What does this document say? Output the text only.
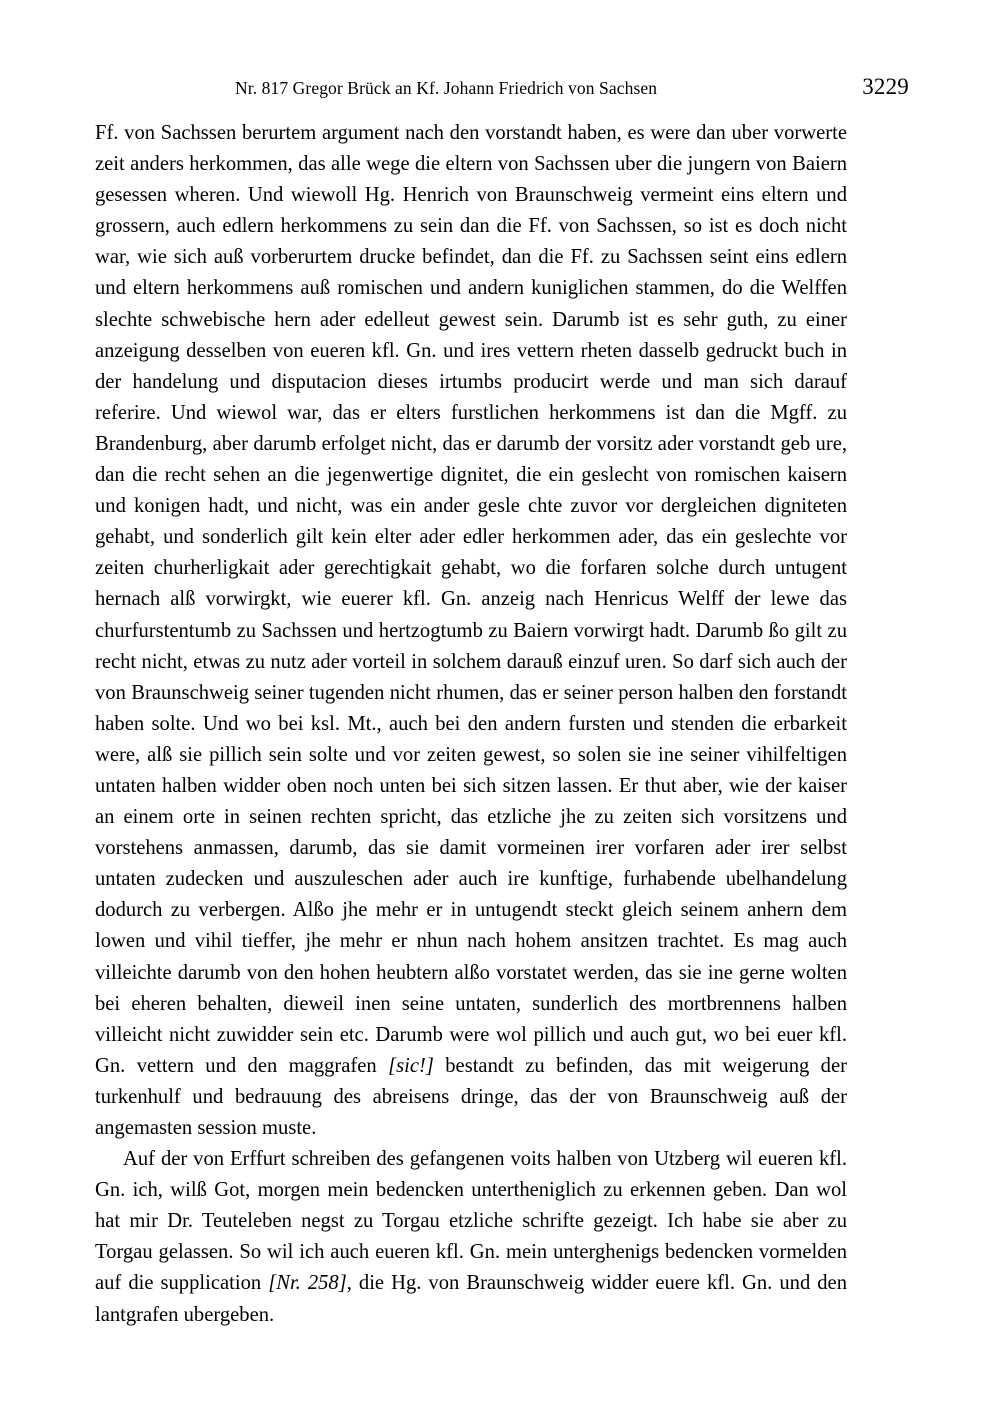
Nr. 817 Gregor Brück an Kf. Johann Friedrich von Sachsen	3229

Ff. von Sachssen berurtem argument nach den vorstandt haben, es were dan uber vorwerte zeit anders herkommen, das alle wege die eltern von Sachssen uber die jungern von Baiern gesessen wheren. Und wiewoll Hg. Henrich von Braunschweig vermeint eins eltern und grossern, auch edlern herkommens zu sein dan die Ff. von Sachssen, so ist es doch nicht war, wie sich auß vorberurtem drucke befindet, dan die Ff. zu Sachssen seint eins edlern und eltern herkommens auß romischen und andern kuniglichen stammen, do die Welffen slechte schwebische hern ader edelleut gewest sein. Darumb ist es sehr guth, zu einer anzeigung desselben von eueren kfl. Gn. und ires vettern rheten dasselb gedruckt buch in der handelung und disputacion dieses irtumbs producirt werde und man sich darauf referire. Und wiewol war, das er elters furstlichen herkommens ist dan die Mgff. zu Brandenburg, aber darumb erfolget nicht, das er darumb der vorsitz ader vorstandt geb ure, dan die recht sehen an die jegenwertige dignitet, die ein geslecht von romischen kaisern und konigen hadt, und nicht, was ein ander gesle chte zuvor vor dergleichen digniteten gehabt, und sonderlich gilt kein elter ader edler herkommen ader, das ein geslechte vor zeiten churherligkait ader gerechtigkait gehabt, wo die forfaren solche durch untugent hernach alß vorwirgkt, wie euerer kfl. Gn. anzeig nach Henricus Welff der lewe das churfurstentumb zu Sachssen und hertzogtumb zu Baiern vorwirgt hadt. Darumb ßo gilt zu recht nicht, etwas zu nutz ader vorteil in solchem darauß einzuf uren. So darf sich auch der von Braunschweig seiner tugenden nicht rhumen, das er seiner person halben den forstandt haben solte. Und wo bei ksl. Mt., auch bei den andern fursten und stenden die erbarkeit were, alß sie pillich sein solte und vor zeiten gewest, so solen sie ine seiner vihilfeltigen untaten halben widder oben noch unten bei sich sitzen lassen. Er thut aber, wie der kaiser an einem orte in seinen rechten spricht, das etzliche jhe zu zeiten sich vorsitzens und vorstehens anmassen, darumb, das sie damit vormeinen irer vorfaren ader irer selbst untaten zudecken und auszuleschen ader auch ire kunftige, furhabende ubelhandelung dodurch zu verbergen. Alßo jhe mehr er in untugendt steckt gleich seinem anhern dem lowen und vihil tieffer, jhe mehr er nhun nach hohem ansitzen trachtet. Es mag auch villeichte darumb von den hohen heubtern alßo vorstatet werden, das sie ine gerne wolten bei eheren behalten, dieweil inen seine untaten, sunderlich des mortbrennens halben villeicht nicht zuwidder sein etc. Darumb were wol pillich und auch gut, wo bei euer kfl. Gn. vettern und den maggrafen [sic!] bestandt zu befinden, das mit weigerung der turkenhulf und bedrauung des abreisens dringe, das der von Braunschweig auß der angemasten session muste.

Auf der von Erffurt schreiben des gefangenen voits halben von Utzberg wil eueren kfl. Gn. ich, wilß Got, morgen mein bedencken untertheniglich zu erkennen geben. Dan wol hat mir Dr. Teuteleben negst zu Torgau etzliche schrifte gezeigt. Ich habe sie aber zu Torgau gelassen. So wil ich auch eueren kfl. Gn. mein unterghenigs bedencken vormelden auf die supplication [Nr. 258], die Hg. von Braunschweig widder euere kfl. Gn. und den lantgrafen ubergeben.
